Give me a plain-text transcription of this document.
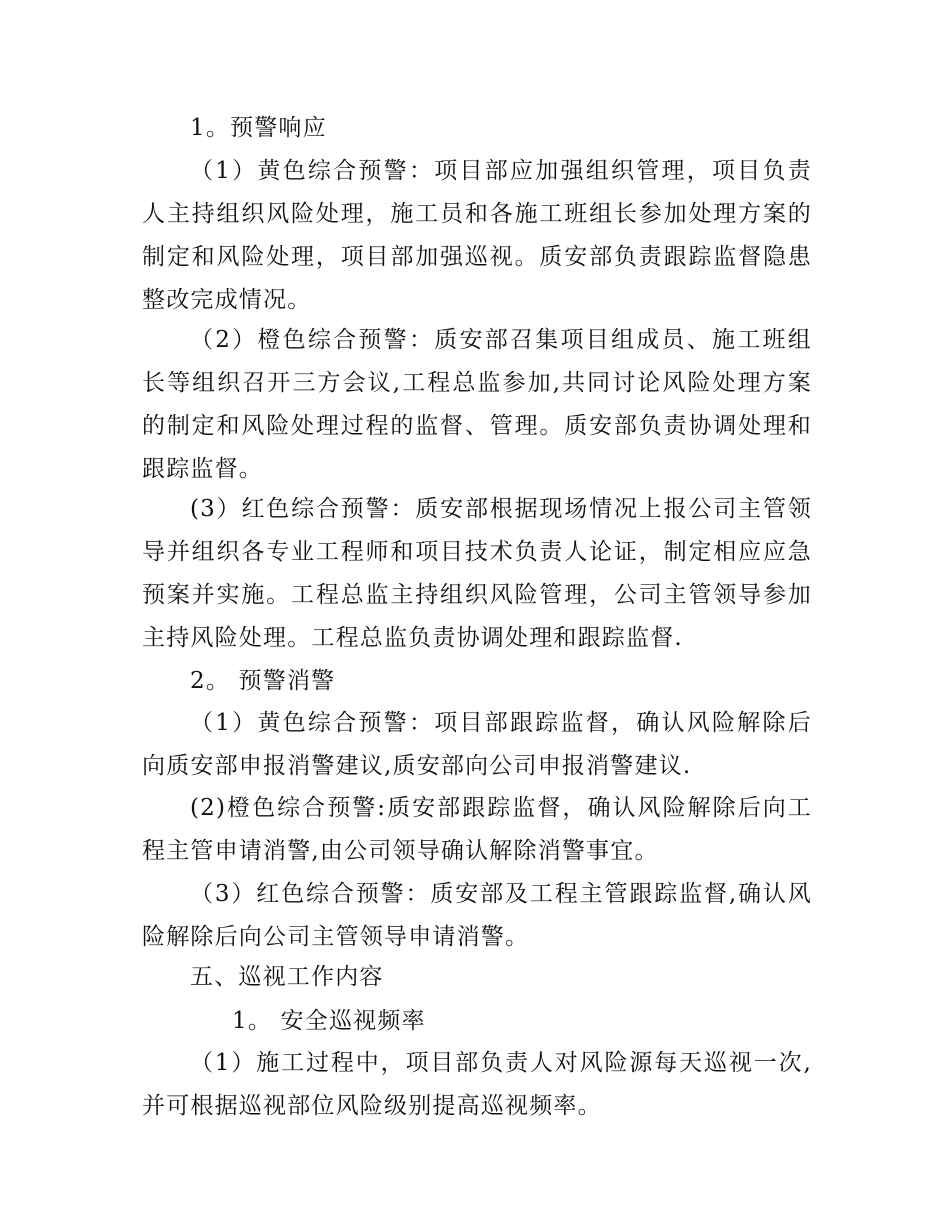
1。预警响应
（1）黄色综合预警：项目部应加强组织管理，项目负责
人主持组织风险处理，施工员和各施工班组长参加处理方案的
制定和风险处理，项目部加强巡视。质安部负责跟踪监督隐患
整改完成情况。
（2）橙色综合预警：质安部召集项目组成员、施工班组
长等组织召开三方会议,工程总监参加,共同讨论风险处理方案
的制定和风险处理过程的监督、管理。质安部负责协调处理和
跟踪监督。
(3）红色综合预警：质安部根据现场情况上报公司主管领
导并组织各专业工程师和项目技术负责人论证，制定相应应急
预案并实施。工程总监主持组织风险管理，公司主管领导参加
主持风险处理。工程总监负责协调处理和跟踪监督.
2。 预警消警
（1）黄色综合预警：项目部跟踪监督，确认风险解除后
向质安部申报消警建议,质安部向公司申报消警建议.
(2)橙色综合预警:质安部跟踪监督，确认风险解除后向工
程主管申请消警,由公司领导确认解除消警事宜。
（3）红色综合预警：质安部及工程主管跟踪监督,确认风
险解除后向公司主管领导申请消警。
五、巡视工作内容
1。 安全巡视频率
（1）施工过程中，项目部负责人对风险源每天巡视一次,
并可根据巡视部位风险级别提高巡视频率。
